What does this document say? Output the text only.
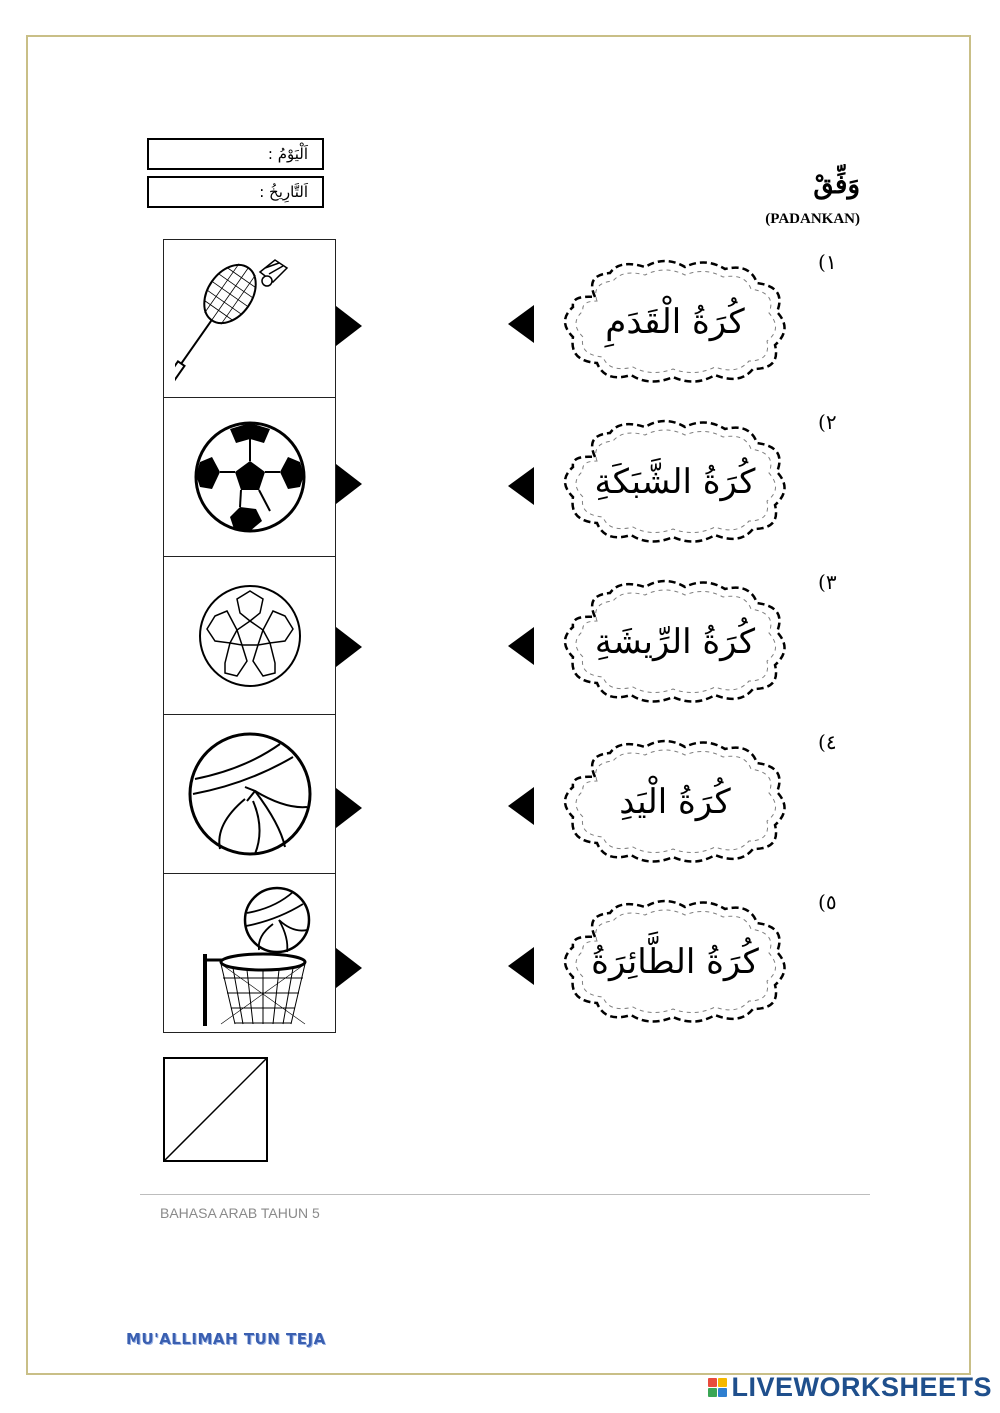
اَلْيَوْمُ :
اَلتَّارِيخُ :	وَفِّقْ
(PADANKAN)
كُرَةُ الْقَدَمِ
كُرَةُ الشَّبَكَةِ
كُرَةُ الرِّيشَةِ
كُرَةُ الْيَدِ
كُرَةُ الطَّائِرَةُ
١)
٢)
٣)
٤)
٥)
BAHASA ARAB TAHUN 5
MU'ALLIMAH TUN TEJA
LIVEWORKSHEETS
